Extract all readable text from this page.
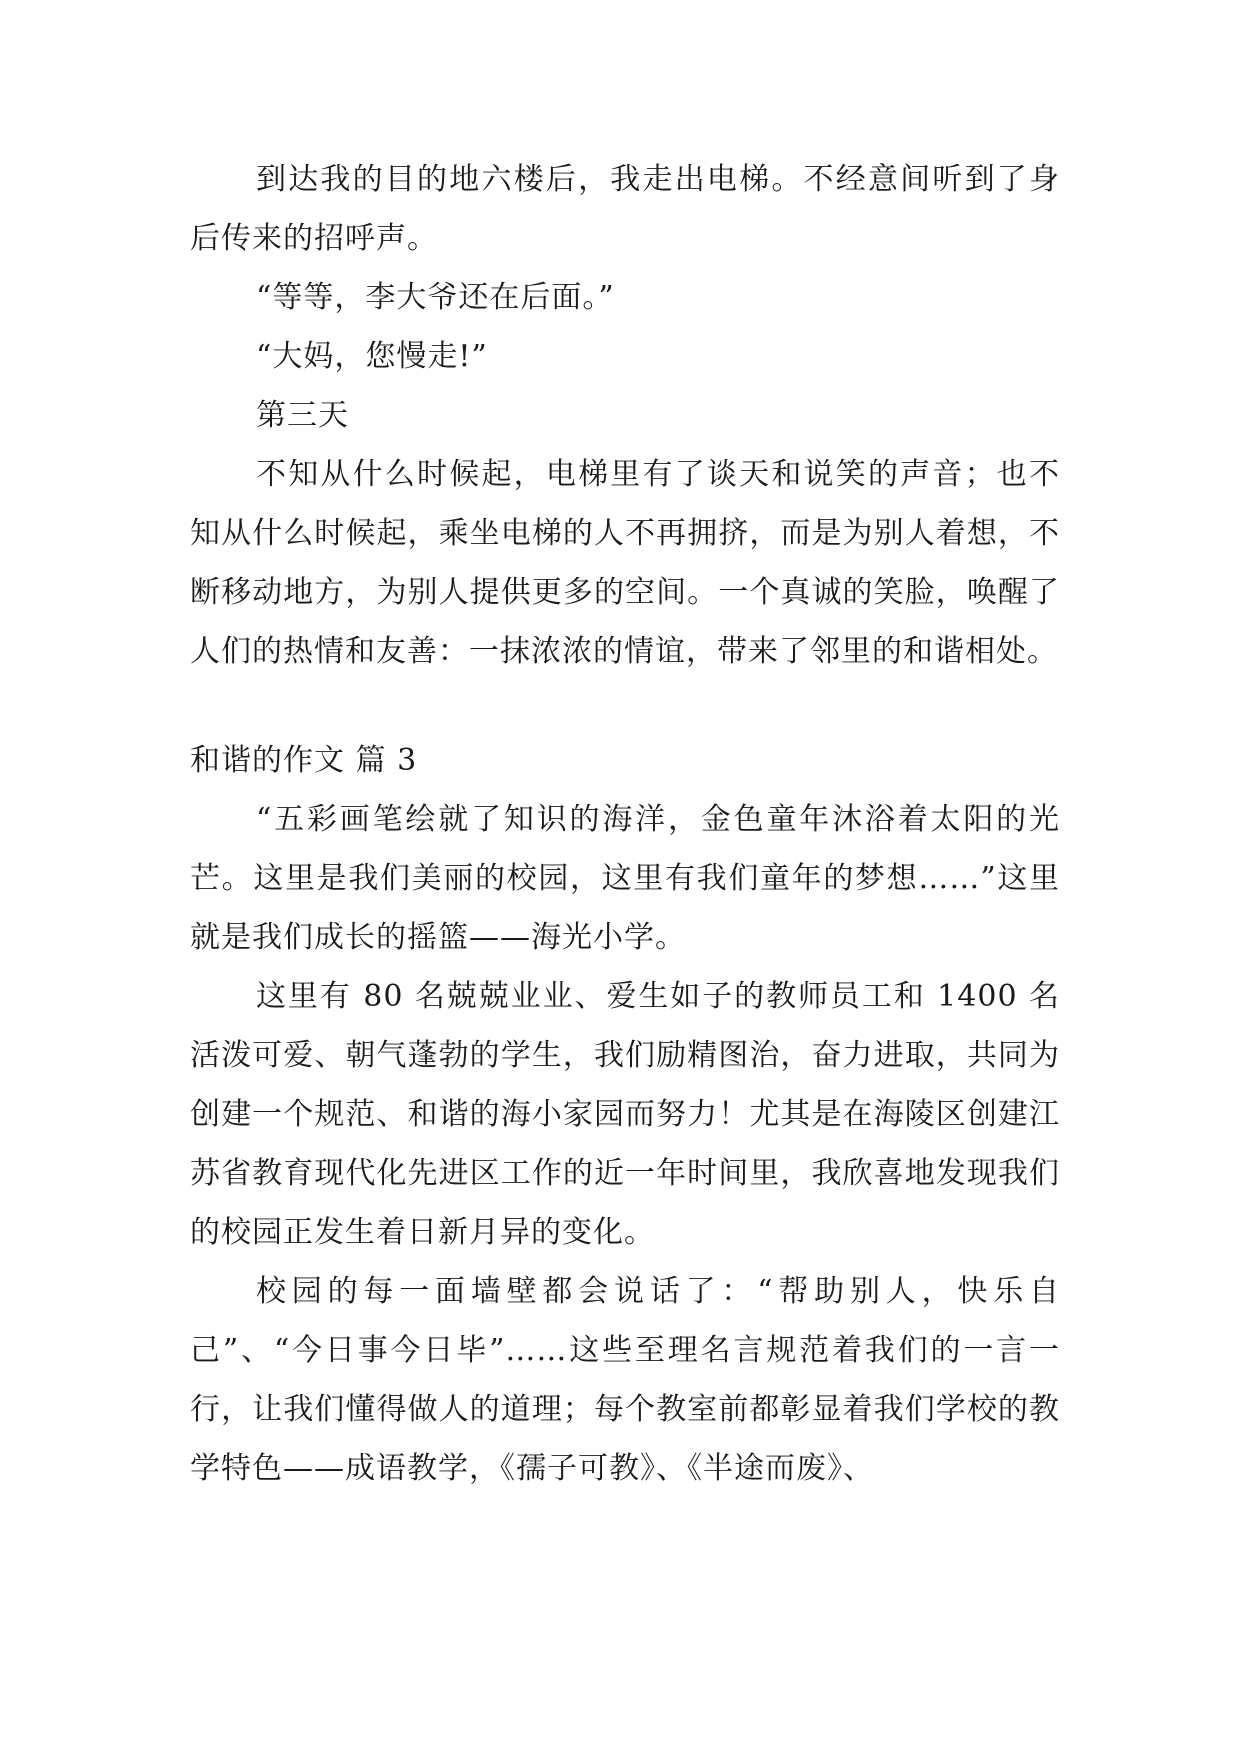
到达我的目的地六楼后，我走出电梯。不经意间听到了身后传来的招呼声。

“等等，李大爷还在后面。”

“大妈，您慢走!”

第三天

不知从什么时候起，电梯里有了谈天和说笑的声音；也不知从什么时候起，乘坐电梯的人不再拥挤，而是为别人着想，不断移动地方，为别人提供更多的空间。一个真诚的笑脸，唤醒了人们的热情和友善：一抹浓浓的情谊，带来了邻里的和谐相处。

和谐的作文 篇 3

“五彩画笔绘就了知识的海洋，金色童年沐浴着太阳的光芒。这里是我们美丽的校园，这里有我们童年的梦想……”这里就是我们成长的摇篮——海光小学。

这里有 80 名兢兢业业、爱生如子的教师员工和 1400 名活泼可爱、朝气蓬勃的学生，我们励精图治，奋力进取，共同为创建一个规范、和谐的海小家园而努力！尤其是在海陵区创建江苏省教育现代化先进区工作的近一年时间里，我欣喜地发现我们的校园正发生着日新月异的变化。

校园的每一面墙壁都会说话了：“帮助别人，快乐自己”、“今日事今日毕”……这些至理名言规范着我们的一言一行，让我们懂得做人的道理；每个教室前都彰显着我们学校的教学特色——成语教学，《孺子可教》、《半途而废》、
